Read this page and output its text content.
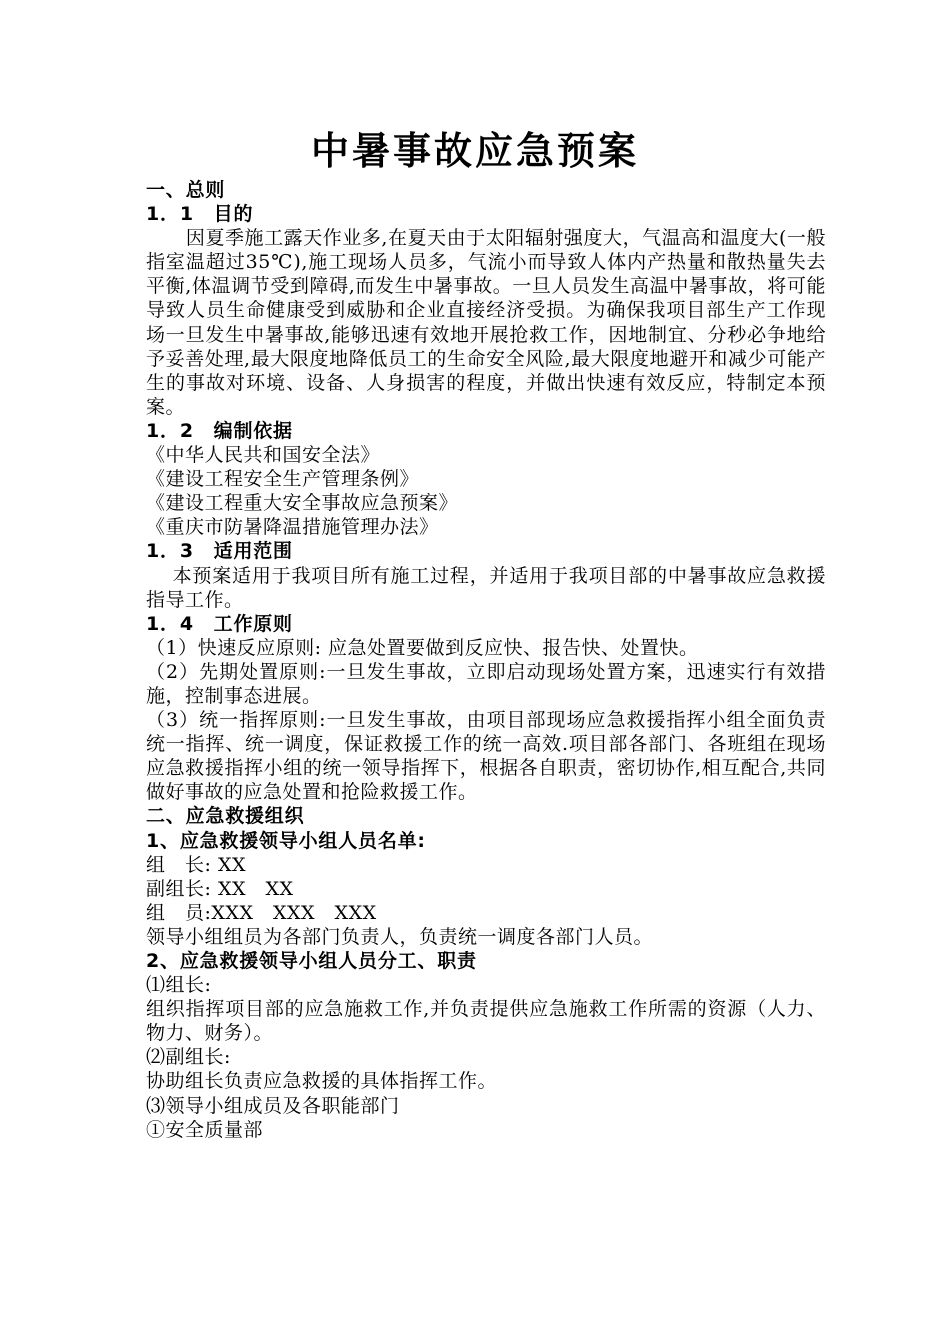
中暑事故应急预案

一、总则

1．1　目的

因夏季施工露天作业多,在夏天由于太阳辐射强度大，气温高和温度大(一般指室温超过35℃),施工现场人员多，气流小而导致人体内产热量和散热量失去平衡,体温调节受到障碍,而发生中暑事故。一旦人员发生高温中暑事故，将可能导致人员生命健康受到威胁和企业直接经济受损。为确保我项目部生产工作现场一旦发生中暑事故,能够迅速有效地开展抢救工作，因地制宜、分秒必争地给予妥善处理,最大限度地降低员工的生命安全风险,最大限度地避开和减少可能产生的事故对环境、设备、人身损害的程度，并做出快速有效反应，特制定本预案。

1．2　编制依据

《中华人民共和国安全法》

《建设工程安全生产管理条例》

《建设工程重大安全事故应急预案》

《重庆市防暑降温措施管理办法》

1．3　适用范围

本预案适用于我项目所有施工过程，并适用于我项目部的中暑事故应急救援指导工作。

1．4　工作原则

（1）快速反应原则: 应急处置要做到反应快、报告快、处置快。

（2）先期处置原则:一旦发生事故，立即启动现场处置方案，迅速实行有效措施，控制事态进展。

（3）统一指挥原则:一旦发生事故，由项目部现场应急救援指挥小组全面负责统一指挥、统一调度，保证救援工作的统一高效.项目部各部门、各班组在现场应急救援指挥小组的统一领导指挥下，根据各自职责，密切协作,相互配合,共同做好事故的应急处置和抢险救援工作。

二、应急救援组织

1、应急救援领导小组人员名单:

组　长: XX

副组长: XX　XX

组　员:XXX　XXX　XXX

领导小组组员为各部门负责人，负责统一调度各部门人员。

2、应急救援领导小组人员分工、职责

⑴组长:

组织指挥项目部的应急施救工作,并负责提供应急施救工作所需的资源（人力、物力、财务）。

⑵副组长:

协助组长负责应急救援的具体指挥工作。

⑶领导小组成员及各职能部门

①安全质量部
